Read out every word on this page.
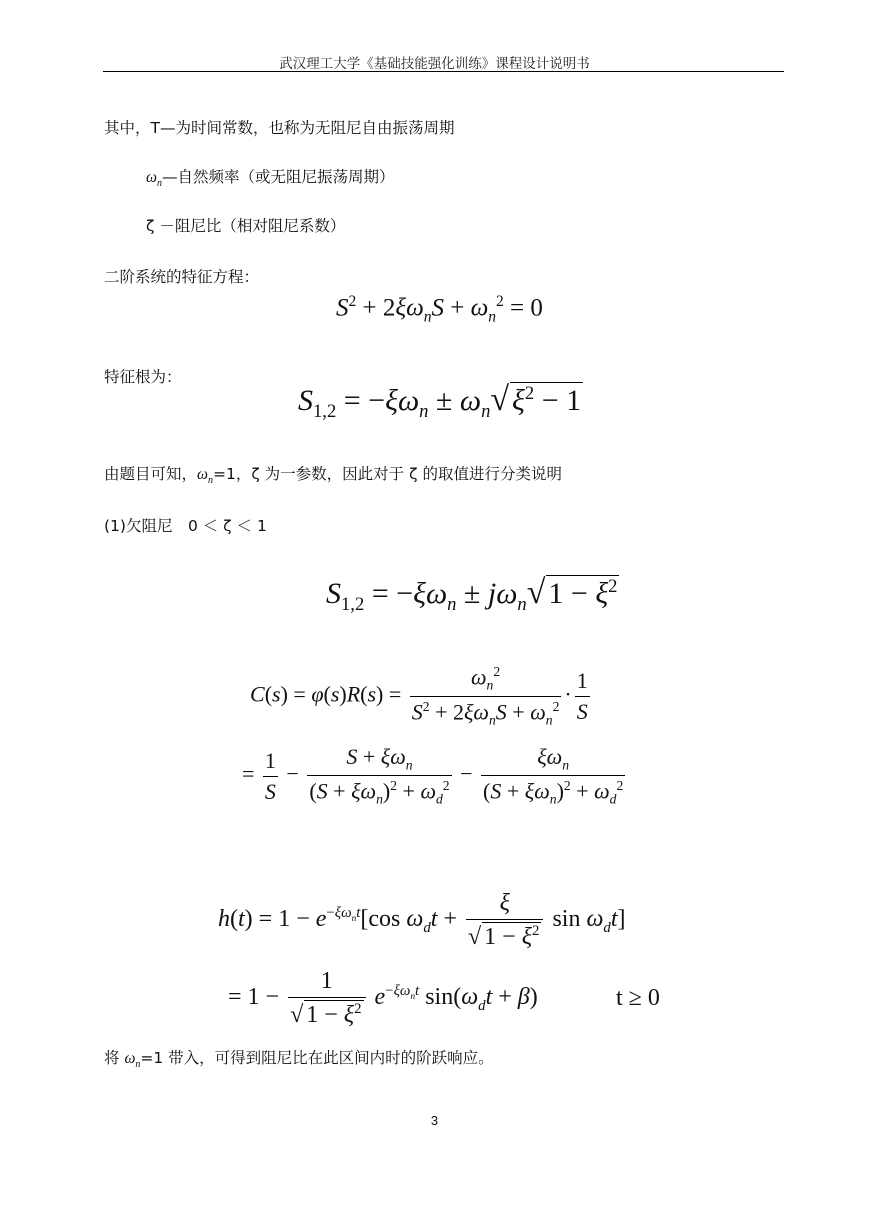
武汉理工大学《基础技能强化训练》课程设计说明书
其中，T—为时间常数，也称为无阻尼自由振荡周期
$\omega_n—$自然频率（或无阻尼振荡周期）
ζ －阻尼比（相对阻尼系数）
二阶系统的特征方程：
$S^2 + 2\xi\omega_nS + \omega_n^2 = 0$
特征根为：
$S_{1,2} = -\xi\omega_n \pm \omega_n√$ $\xi^2 - 1$
由题目可知，$\omega_n=1$，ζ 为一参数，因此对于 ζ 的取值进行分类说明
(1)欠阻尼　0 ＜ ζ ＜ 1
$S_{1,2} = -\xi\omega_n \pm j\omega_n√$ $1 - \xi^2$
$C(s) = \varphi(s)R(s) = \frac{\omega_n^2}{S^2 + 2\xi\omega_nS + \omega_n^2} \cdot \frac{1}{S}$
= $\frac{1}{S} - \frac{S + \xi\omega_n}{(S + \xi\omega_n)^2 + \omega_d^2} - \frac{\xi\omega_n}{(S + \xi\omega_n)^2 + \omega_d^2}$
$h(t) = 1 - e^{-\xi\omega_nt}[\cos$ $\omega_dt + \frac{\xi}{√ 1 - \xi^2}$ $\sin \omega_dt$]
= $1 - \frac{1}{√ 1 - \xi^2} e^{-\xi\omega_nt}$ $\sin(\omega_dt + \beta)$	t ≥ 0
将 $\omega_n=1$ 带入，可得到阻尼比在此区间内时的阶跃响应。
3
